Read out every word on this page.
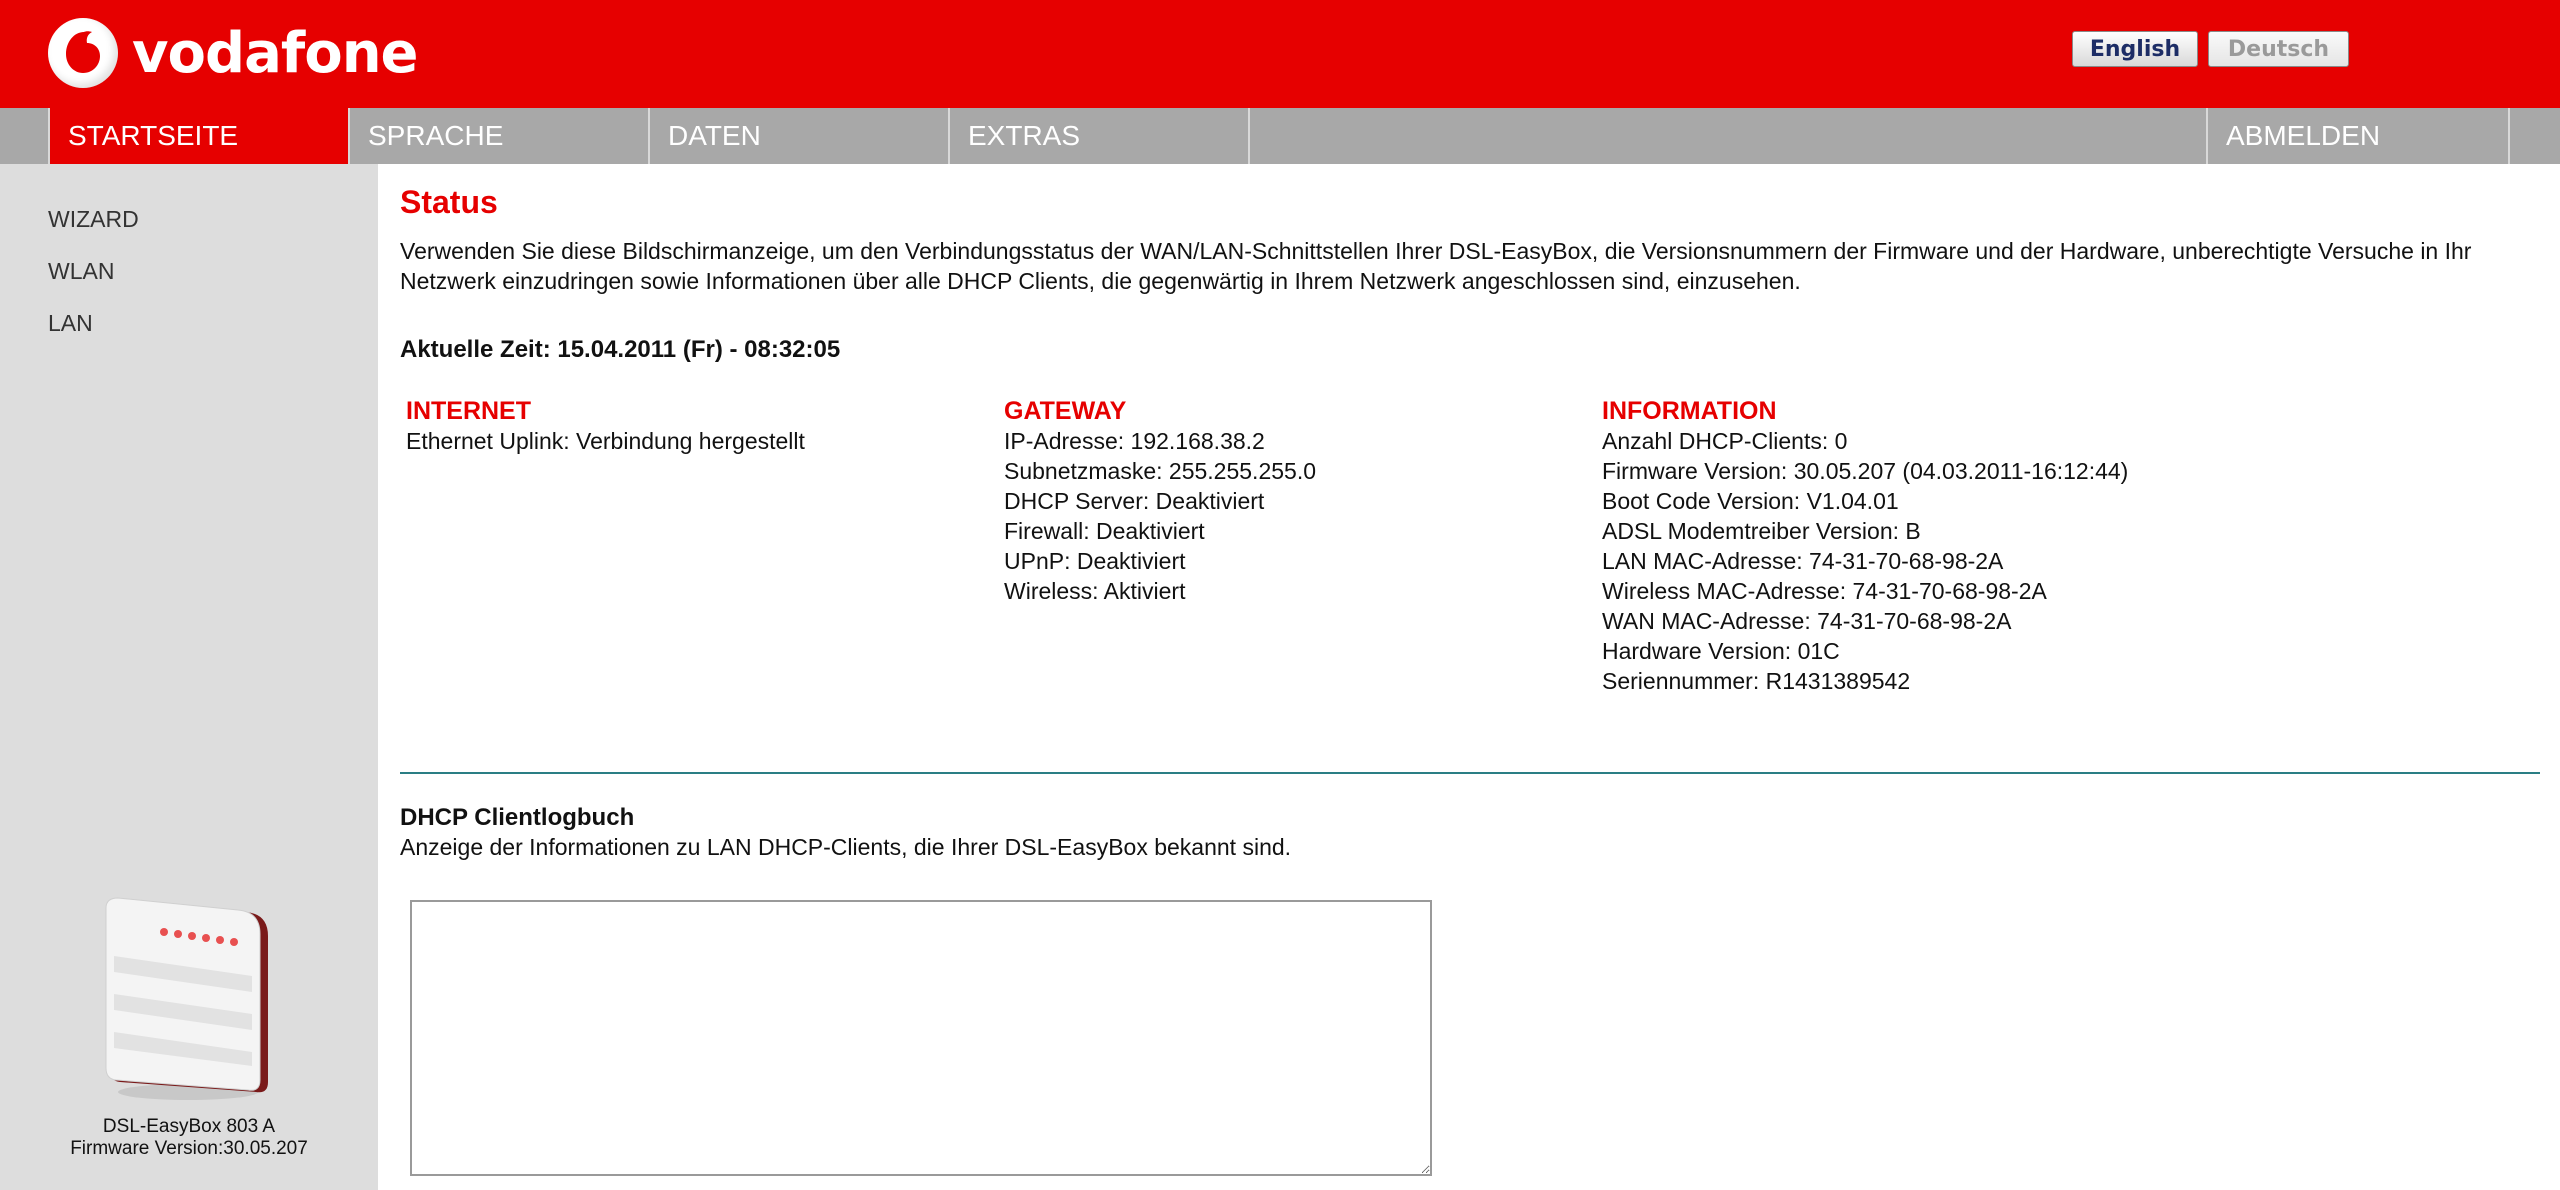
vodafone	English	Deutsch
STARTSEITE	SPRACHE	DATEN	EXTRAS	ABMELDEN
WIZARD
WLAN
LAN
DSL-EasyBox 803 A
Firmware Version:30.05.207
Status
Verwenden Sie diese Bildschirmanzeige, um den Verbindungsstatus der WAN/LAN-Schnittstellen Ihrer DSL-EasyBox, die Versionsnummern der Firmware und der Hardware, unberechtigte Versuche in Ihr Netzwerk einzudringen sowie Informationen über alle DHCP Clients, die gegenwärtig in Ihrem Netzwerk angeschlossen sind, einzusehen.
Aktuelle Zeit: 15.04.2011 (Fr) - 08:32:05
INTERNET
Ethernet Uplink: Verbindung hergestellt
GATEWAY
IP-Adresse: 192.168.38.2
Subnetzmaske: 255.255.255.0
DHCP Server: Deaktiviert
Firewall: Deaktiviert
UPnP: Deaktiviert
Wireless: Aktiviert
INFORMATION
Anzahl DHCP-Clients: 0
Firmware Version: 30.05.207 (04.03.2011-16:12:44)
Boot Code Version: V1.04.01
ADSL Modemtreiber Version: B
LAN MAC-Adresse: 74-31-70-68-98-2A
Wireless MAC-Adresse: 74-31-70-68-98-2A
WAN MAC-Adresse: 74-31-70-68-98-2A
Hardware Version: 01C
Seriennummer: R1431389542
DHCP Clientlogbuch
Anzeige der Informationen zu LAN DHCP-Clients, die Ihrer DSL-EasyBox bekannt sind.
